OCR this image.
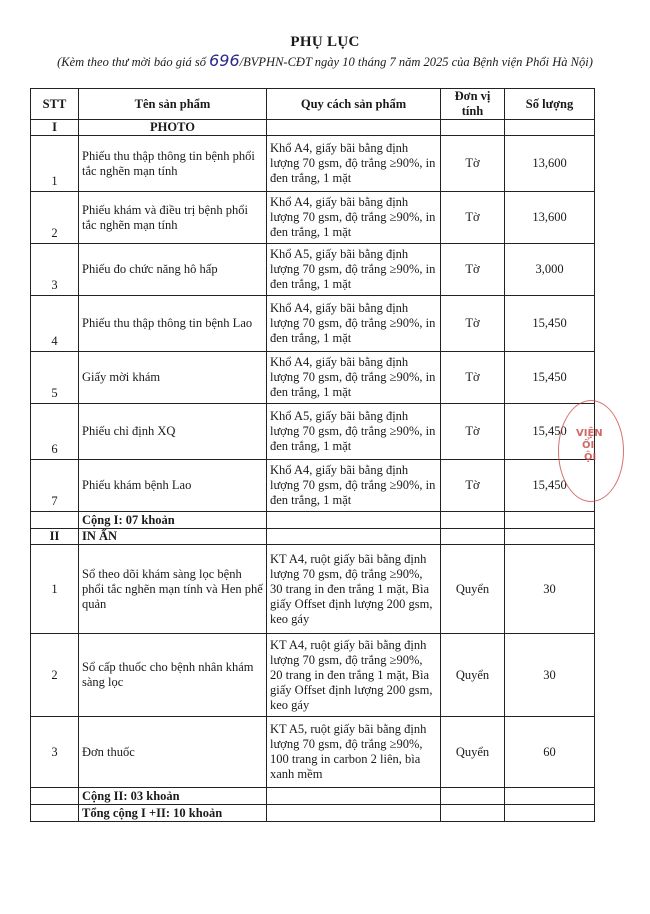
PHỤ LỤC
(Kèm theo thư mời báo giá số 696/BVPHN-CĐT ngày 10 tháng 7 năm 2025 của Bệnh viện Phổi Hà Nội)
STT	Tên sản phẩm	Quy cách sản phẩm	Đơn vị tính	Số lượng
I	PHOTO			
1	Phiếu thu thập thông tin bệnh phổi tắc nghẽn mạn tính	Khổ A4, giấy bãi bằng định lượng 70 gsm, độ trắng ≥90%, in đen trắng, 1 mặt	Tờ	13,600
2	Phiếu khám và điều trị bệnh phổi tắc nghẽn mạn tính	Khổ A4, giấy bãi bằng định lượng 70 gsm, độ trắng ≥90%, in đen trắng, 1 mặt	Tờ	13,600
3	Phiếu đo chức năng hô hấp	Khổ A5, giấy bãi bằng định lượng 70 gsm, độ trắng ≥90%, in đen trắng, 1 mặt	Tờ	3,000
4	Phiếu thu thập thông tin bệnh Lao	Khổ A4, giấy bãi bằng định lượng 70 gsm, độ trắng ≥90%, in đen trắng, 1 mặt	Tờ	15,450
5	Giấy mời khám	Khổ A4, giấy bãi bằng định lượng 70 gsm, độ trắng ≥90%, in đen trắng, 1 mặt	Tờ	15,450
6	Phiếu chỉ định XQ	Khổ A5, giấy bãi bằng định lượng 70 gsm, độ trắng ≥90%, in đen trắng, 1 mặt	Tờ	15,450
7	Phiếu khám bệnh Lao	Khổ A4, giấy bãi bằng định lượng 70 gsm, độ trắng ≥90%, in đen trắng, 1 mặt	Tờ	15,450
	Cộng I: 07 khoản			
II	IN ẤN			
1	Sổ theo dõi khám sàng lọc bệnh phổi tắc nghẽn mạn tính và Hen phế quản	KT A4, ruột giấy bãi bằng định lượng 70 gsm, độ trắng ≥90%, 30 trang in đen trắng 1 mặt, Bìa giấy Offset định lượng 200 gsm, keo gáy	Quyển	30
2	Sổ cấp thuốc cho bệnh nhân khám sàng lọc	KT A4, ruột giấy bãi bằng định lượng 70 gsm, độ trắng ≥90%, 20 trang in đen trắng 1 mặt, Bìa giấy Offset định lượng 200 gsm, keo gáy	Quyển	30
3	Đơn thuốc	KT A5, ruột giấy bãi bằng định lượng 70 gsm, độ trắng ≥90%, 100 trang in carbon 2 liên, bìa xanh mềm	Quyển	60
	Cộng II: 03 khoản			
	Tổng cộng I +II: 10 khoản			
VIỆN
ỔI
ỘI
